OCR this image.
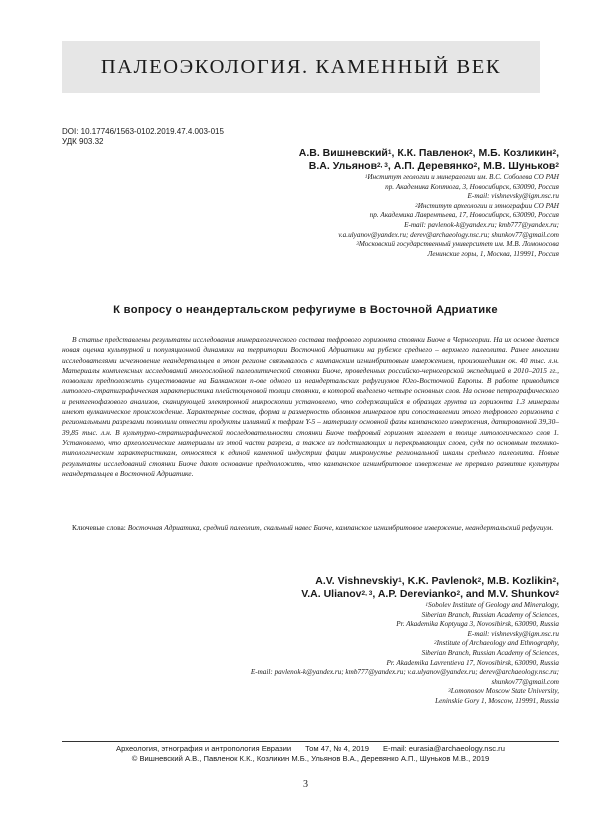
ПАЛЕОЭКОЛОГИЯ. КАМЕННЫЙ ВЕК
DOI: 10.17746/1563-0102.2019.47.4.003-015
УДК 903.32
А.В. Вишневский$^1$, К.К. Павленок$^2$, М.Б. Козликин$^2$,
В.А. Ульянов$^{2, 3}$, А.П. Деревянко$^2$, М.В. Шуньков$^2$
$^1$Институт геологии и минералогии им. В.С. Соболева СО РАН
пр. Академика Коптюга, 3, Новосибирск, 630090, Россия
E-mail: vishnevsky@igm.nsc.ru
$^2$Институт археологии и этнографии СО РАН
пр. Академика Лаврентьева, 17, Новосибирск, 630090, Россия
E-mail: pavlenok-k@yandex.ru; kmb777@yandex.ru;
v.a.ulyanov@yandex.ru; derev@archaeology.nsc.ru; shunkov77@gmail.com
$^3$Московский государственный университет им. М.В. Ломоносова
Ленинские горы, 1, Москва, 119991, Россия
К вопросу о неандертальском рефугиуме в Восточной Адриатике

В статье представлены результаты исследования минералогического состава тефрового горизонта стоянки Биоче в Черногории. На их основе дается новая оценка культурной и популяционной динамики на территории Восточной Адриатики на рубеже среднего – верхнего палеолита. Ранее многими исследователями исчезновение неандертальцев в этом регионе связывалось с кампанским игнимбритовым извержением, произошедшим ок. 40 тыс. л.н. Материалы комплексных исследований многослойной палеолитической стоянки Биоче, проведенных российско-черногорской экспедицией в 2010–2015 гг., позволили предположить существование на Балканском п-ове одного из неандертальских рефугиумов Юго-Восточной Европы. В работе приводится литолого-стратиграфическая характеристика плейстоценовой толщи стоянки, в которой выделено четыре основных слоя. На основе петрографического и рентгенофазового анализов, сканирующей электронной микроскопии установлено, что содержащийся в образцах грунта из горизонта 1.3 минералы имеют вулканическое происхождение. Характерные состав, форма и размерность обломков минералов при сопоставлении этого тефрового горизонта с региональными разрезами позволили отнести продукты излияний к тефрам Y-5 – материалу основной фазы кампанского извержения, датированной 39,30–39,85 тыс. л.н. В культурно-стратиграфической последовательности стоянки Биоче тефровый горизонт залегает в толще литологического слоя 1. Установлено, что археологические материалы из этой части разреза, а также из подстилающих и перекрывающих слоев, судя по основным технико-типологическим характеристикам, относятся к единой каменной индустрии фации микромустье региональной шкалы среднего палеолита. Новые результаты исследований стоянки Биоче дают основание предположить, что кампанское игнимбритовое извержение не прервало развитие культуры неандертальцев в Восточной Адриатике.

Ключевые слова: Восточная Адриатика, средний палеолит, скальный навес Биоче, кампанское игнимбритовое извержение, неандертальский рефугиум.

A.V. Vishnevskiy$^1$, K.K. Pavlenok$^2$, M.B. Kozlikin$^2$,
V.A. Ulianov$^{2, 3}$, A.P. Derevianko$^2$, and M.V. Shunkov$^2$
$^1$Sobolev Institute of Geology and Mineralogy,
Siberian Branch, Russian Academy of Sciences,
Pr. Akademika Koptyuga 3, Novosibirsk, 630090, Russia
E-mail: vishnevsky@igm.nsc.ru
$^2$Institute of Archaeology and Ethnography,
Siberian Branch, Russian Academy of Sciences,
Pr. Akademika Lavrentieva 17, Novosibirsk, 630090, Russia
E-mail: pavlenok-k@yandex.ru; kmb777@yandex.ru; v.a.ulyanov@yandex.ru; derev@archaeology.nsc.ru;
shunkov77@gmail.com
$^3$Lomonosov Moscow State University,
Leninskie Gory 1, Moscow, 119991, Russia
Археология, этнография и антропология Евразии Том 47, № 4, 2019 E-mail: eurasia@archaeology.nsc.ru
© Вишневский А.В., Павленок К.К., Козликин М.Б., Ульянов В.А., Деревянко А.П., Шуньков М.В., 2019
3
